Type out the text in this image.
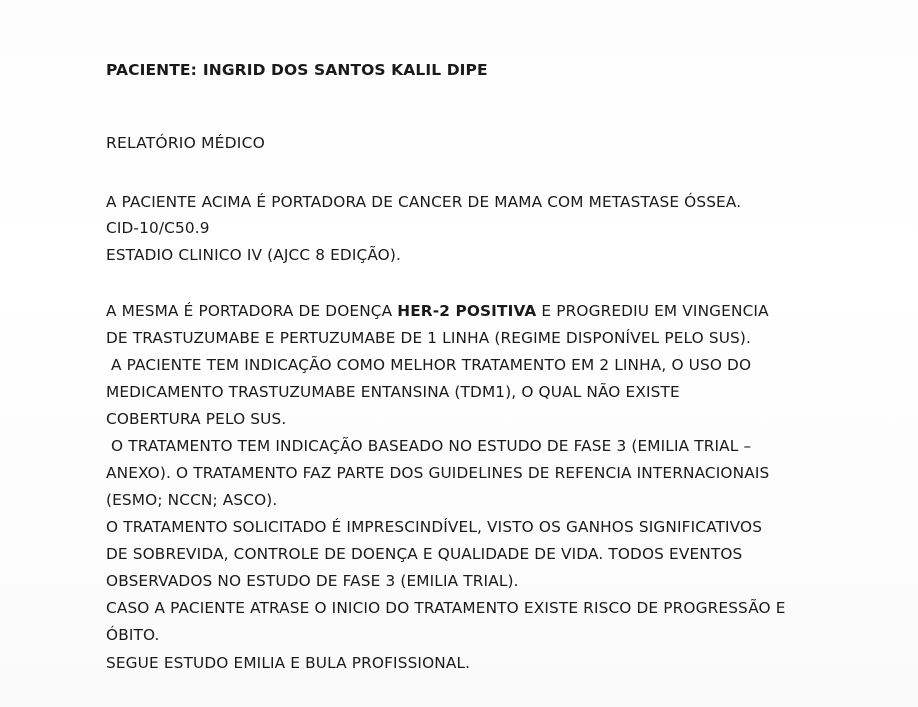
PACIENTE: INGRID DOS SANTOS KALIL DIPE
RELATÓRIO MÉDICO
A PACIENTE ACIMA É PORTADORA DE CANCER DE MAMA COM METASTASE ÓSSEA.
CID-10/C50.9
ESTADIO CLINICO IV (AJCC 8 EDIÇÃO).
A MESMA É PORTADORA DE DOENÇA HER-2 POSITIVA E PROGREDIU EM VINGENCIA
DE TRASTUZUMABE E PERTUZUMABE DE 1 LINHA (REGIME DISPONÍVEL PELO SUS).
A PACIENTE TEM INDICAÇÃO COMO MELHOR TRATAMENTO EM 2 LINHA, O USO DO
MEDICAMENTO TRASTUZUMABE ENTANSINA (TDM1), O QUAL NÃO EXISTE
COBERTURA PELO SUS.
O TRATAMENTO TEM INDICAÇÃO BASEADO NO ESTUDO DE FASE 3 (EMILIA TRIAL –
ANEXO). O TRATAMENTO FAZ PARTE DOS GUIDELINES DE REFENCIA INTERNACIONAIS
(ESMO; NCCN; ASCO).
O TRATAMENTO SOLICITADO É IMPRESCINDÍVEL, VISTO OS GANHOS SIGNIFICATIVOS
DE SOBREVIDA, CONTROLE DE DOENÇA E QUALIDADE DE VIDA. TODOS EVENTOS
OBSERVADOS NO ESTUDO DE FASE 3 (EMILIA TRIAL).
CASO A PACIENTE ATRASE O INICIO DO TRATAMENTO EXISTE RISCO DE PROGRESSÃO E
ÓBITO.
SEGUE ESTUDO EMILIA E BULA PROFISSIONAL.
